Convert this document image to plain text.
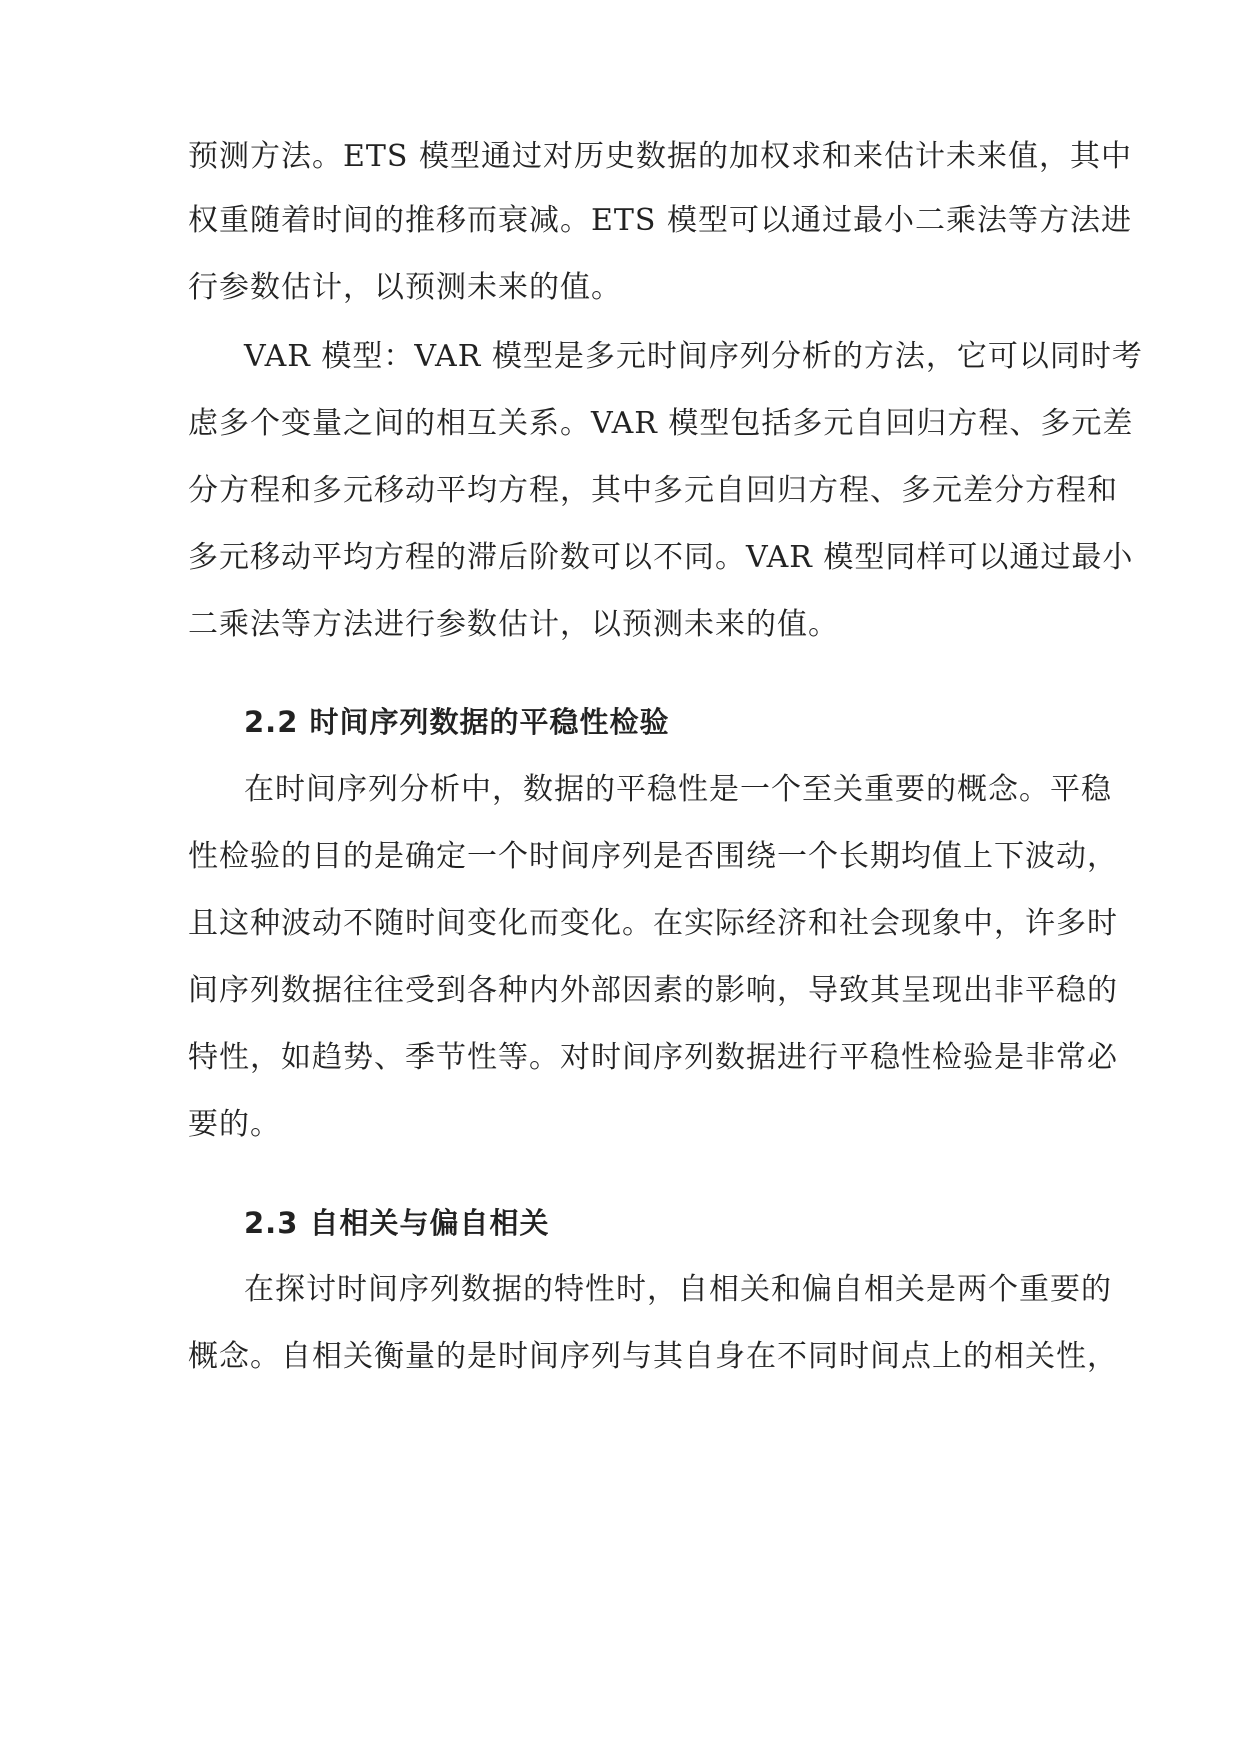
预测方法。ETS 模型通过对历史数据的加权求和来估计未来值，其中
权重随着时间的推移而衰减。ETS 模型可以通过最小二乘法等方法进
行参数估计，以预测未来的值。
VAR 模型：VAR 模型是多元时间序列分析的方法，它可以同时考
虑多个变量之间的相互关系。VAR 模型包括多元自回归方程、多元差
分方程和多元移动平均方程，其中多元自回归方程、多元差分方程和
多元移动平均方程的滞后阶数可以不同。VAR 模型同样可以通过最小
二乘法等方法进行参数估计，以预测未来的值。
2.2 时间序列数据的平稳性检验
在时间序列分析中，数据的平稳性是一个至关重要的概念。平稳
性检验的目的是确定一个时间序列是否围绕一个长期均值上下波动，
且这种波动不随时间变化而变化。在实际经济和社会现象中，许多时
间序列数据往往受到各种内外部因素的影响，导致其呈现出非平稳的
特性，如趋势、季节性等。对时间序列数据进行平稳性检验是非常必
要的。
2.3 自相关与偏自相关
在探讨时间序列数据的特性时，自相关和偏自相关是两个重要的
概念。自相关衡量的是时间序列与其自身在不同时间点上的相关性，
